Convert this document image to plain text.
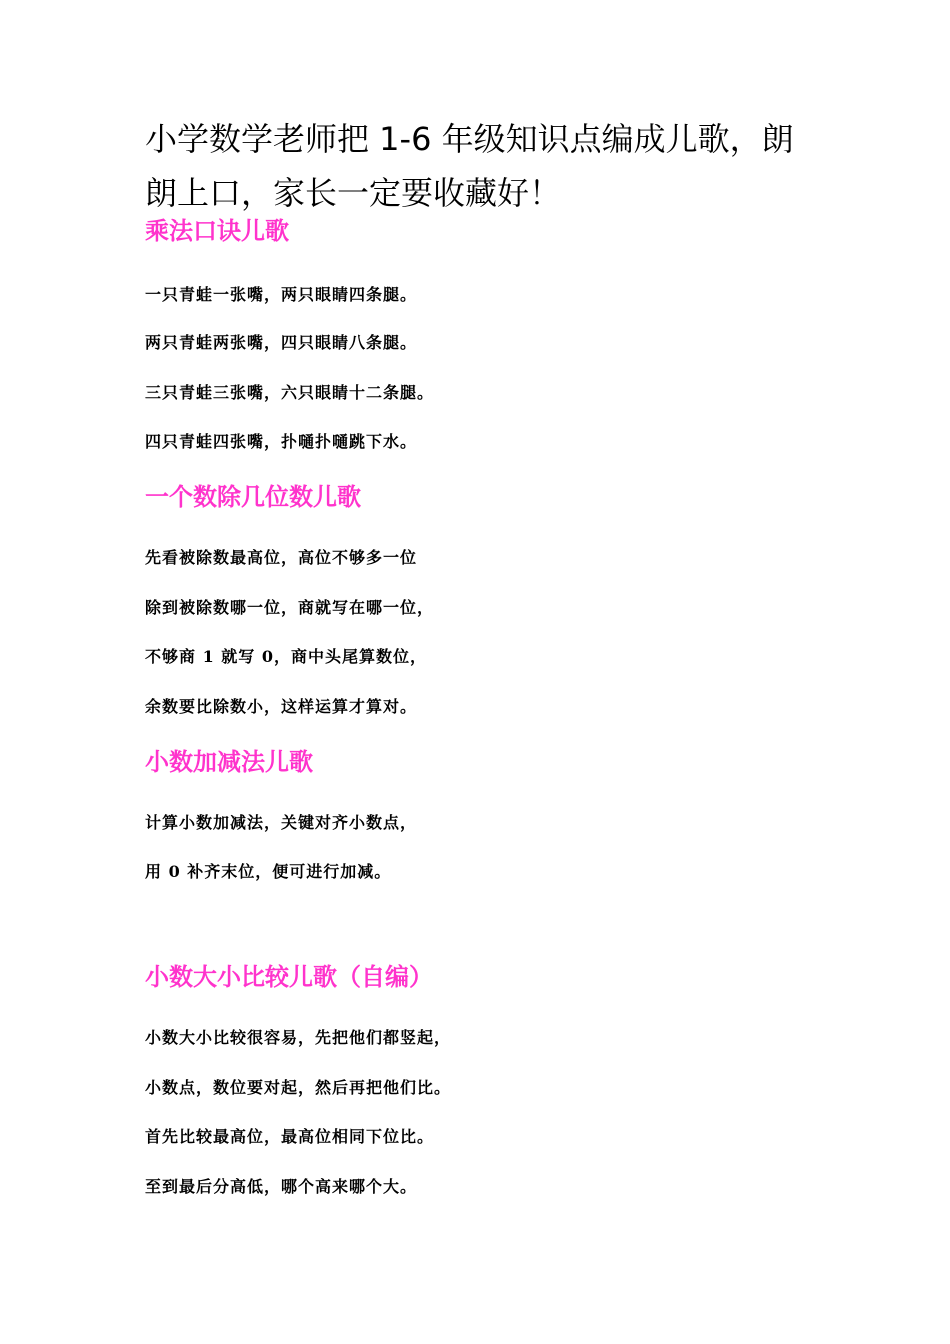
小学数学老师把 1-6 年级知识点编成儿歌，朗朗上口，家长一定要收藏好！
乘法口诀儿歌

一只青蛙一张嘴，两只眼睛四条腿。

两只青蛙两张嘴，四只眼睛八条腿。

三只青蛙三张嘴，六只眼睛十二条腿。

四只青蛙四张嘴，扑嗵扑嗵跳下水。

一个数除几位数儿歌

先看被除数最高位，高位不够多一位

除到被除数哪一位，商就写在哪一位，

不够商 1 就写 0，商中头尾算数位，

余数要比除数小，这样运算才算对。

小数加减法儿歌

计算小数加减法，关键对齐小数点，

用 0 补齐末位，便可进行加减。

小数大小比较儿歌（自编）

小数大小比较很容易，先把他们都竖起，

小数点，数位要对起，然后再把他们比。

首先比较最高位，最高位相同下位比。

至到最后分高低，哪个高来哪个大。
